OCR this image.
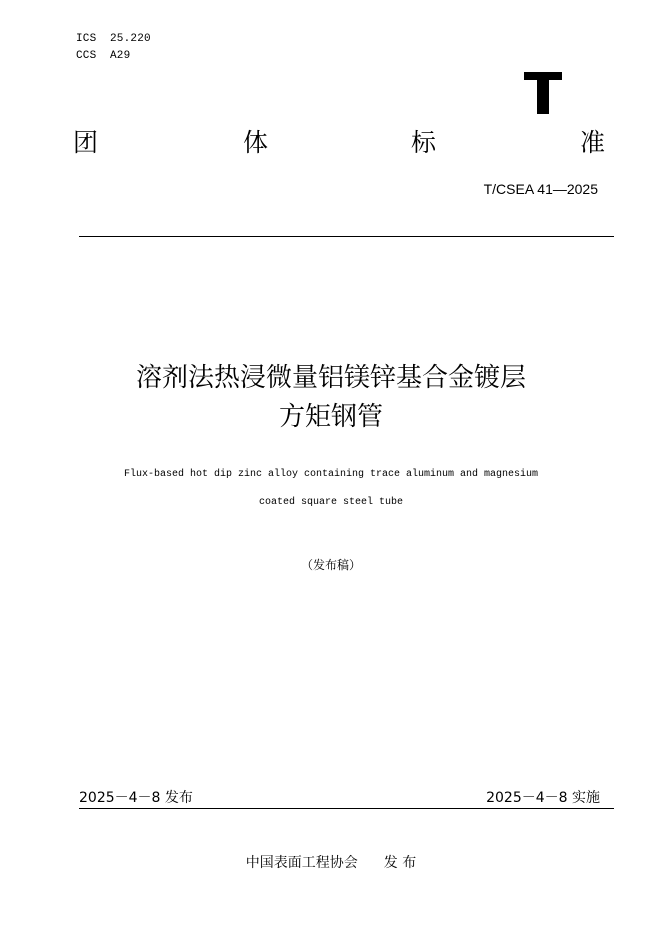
ICS  25.220
CCS  A29
团	体	标	准
T/CSEA 41—2025
溶剂法热浸微量铝镁锌基合金镀层
方矩钢管
Flux-based hot dip zinc alloy containing trace aluminum and magnesium
coated square steel tube
（发布稿）
2025－4－8 发布	2025－4－8 实施
中国表面工程协会 发 布
